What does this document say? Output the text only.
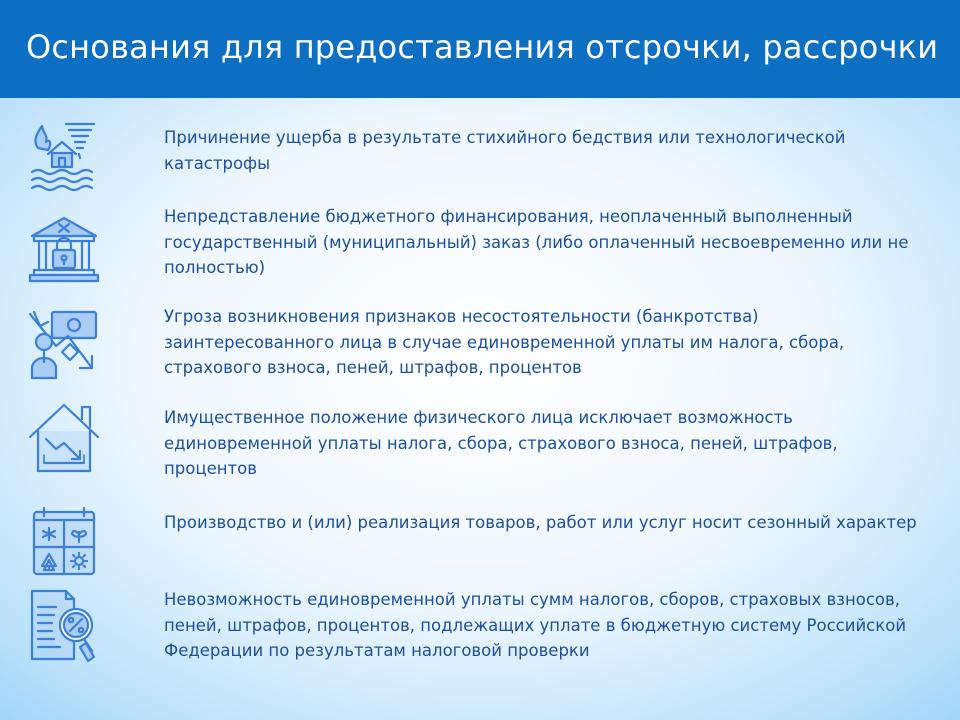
Основания для предоставления отсрочки, рассрочки

Причинение ущерба в результате стихийного бедствия или технологической катастрофы

Непредставление бюджетного финансирования, неоплаченный выполненный государственный (муниципальный) заказ (либо оплаченный несвоевременно или не полностью)

Угроза возникновения признаков несостоятельности (банкротства) заинтересованного лица в случае единовременной уплаты им налога, сбора, страхового взноса, пеней, штрафов, процентов

Имущественное положение физического лица исключает возможность единовременной уплаты налога, сбора, страхового взноса, пеней, штрафов, процентов

Производство и (или) реализация товаров, работ или услуг носит сезонный характер

Невозможность единовременной уплаты сумм налогов, сборов, страховых взносов, пеней, штрафов, процентов, подлежащих уплате в бюджетную систему Российской Федерации по результатам налоговой проверки
